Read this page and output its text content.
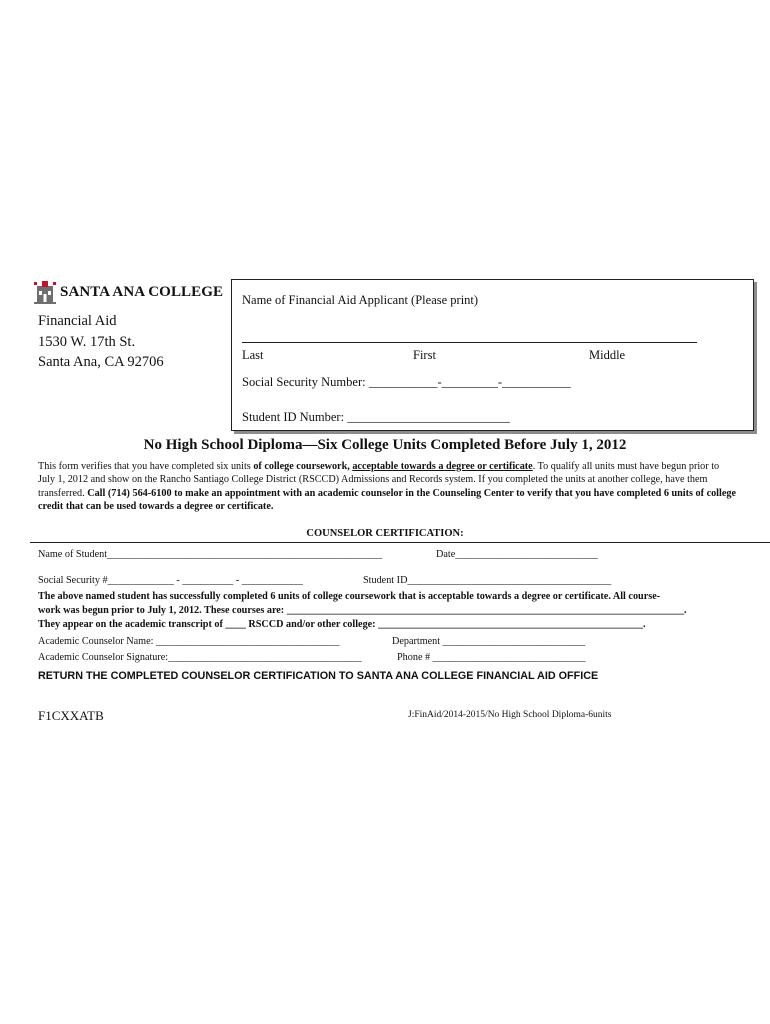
SANTA ANA COLLEGE
Financial Aid
1530 W. 17th St.
Santa Ana, CA 92706
Name of Financial Aid Applicant (Please print)
Last	First	Middle
Social Security Number: ___________-_________-___________
Student ID Number: __________________________
No High School Diploma—Six College Units Completed Before July 1, 2012
This form verifies that you have completed six units of college coursework, acceptable towards a degree or certificate. To qualify all units must have begun prior to July 1, 2012 and show on the Rancho Santiago College District (RSCCD) Admissions and Records system. If you completed the units at another college, have them transferred. Call (714) 564-6100 to make an appointment with an academic counselor in the Counseling Center to verify that you have completed 6 units of college credit that can be used towards a degree or certificate.
COUNSELOR CERTIFICATION:
Name of Student______________________________________________________	Date____________________________
Social Security #_____________ - __________ - ____________	Student ID________________________________________
The above named student has successfully completed 6 units of college coursework that is acceptable towards a degree or certificate. All course-
work was begun prior to July 1, 2012. These courses are: ______________________________________________________________________________.
They appear on the academic transcript of ____ RSCCD and/or other college: ____________________________________________________.
Academic Counselor Name: ____________________________________	Department ____________________________
Academic Counselor Signature:______________________________________	Phone # ______________________________
RETURN THE COMPLETED COUNSELOR CERTIFICATION TO SANTA ANA COLLEGE FINANCIAL AID OFFICE
F1CXXATB	J:FinAid/2014-2015/No High School Diploma-6units
